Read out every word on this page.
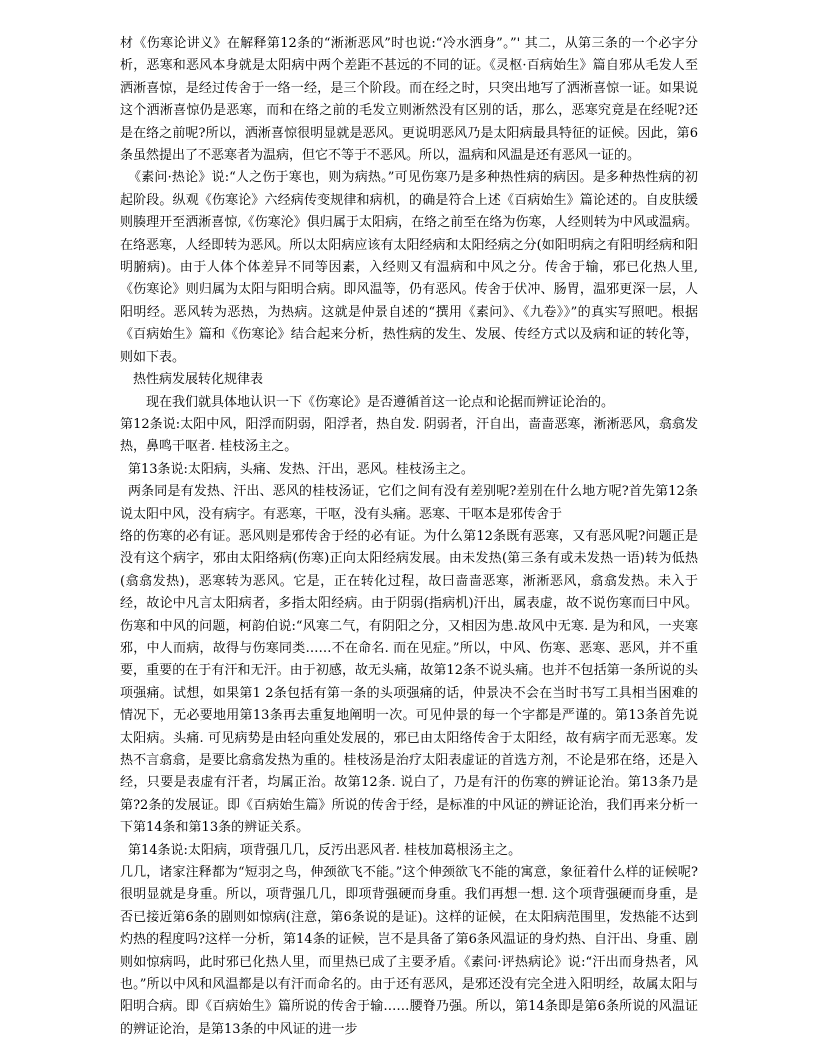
材《伤寒论讲义》在解释第12条的“淅淅恶风”时也说:“冷水洒身”。”' 其二，从第三条的一个必字分析，恶寒和恶风本身就是太阳病中两个差距不甚远的不同的证。《灵枢·百病始生》篇自邪从毛发人至洒淅喜惊，是经过传舍于一络一经，是三个阶段。而在经之时，只突出地写了洒淅喜惊一证。如果说这个洒淅喜惊仍是恶寒，而和在络之前的毛发立则淅然没有区别的话，那么，恶寒究竟是在经呢?还是在络之前呢?所以，洒淅喜惊很明显就是恶风。更说明恶风乃是太阳病最具特征的证候。因此，第6条虽然提出了不恶寒者为温病，但它不等于不恶风。所以，温病和风温是还有恶风一证的。

《素问·热论》说:“人之伤于寒也，则为病热。”可见伤寒乃是多种热性病的病因。是多种热性病的初起阶段。纵观《伤寒论》六经病传变规律和病机，的确是符合上述《百病始生》篇论述的。自皮肤缓则腠理开至洒淅喜惊,《伤寒沦》俱归属于太阳病，在络之前至在络为伤寒，人经则转为中风或温病。在络恶寒，人经即转为恶风。所以太阳病应该有太阳经病和太阳经病之分(如阳明病之有阳明经病和阳明腑病)。由于人体个体差异不同等因素，入经则又有温病和中风之分。传舍于输，邪已化热人里,《伤寒论》则归属为太阳与阳明合病。即风温等，仍有恶风。传舍于伏冲、肠胃，温邪更深一层，人阳明经。恶风转为恶热，为热病。这就是仲景自述的“撰用《素问》、《九卷》》”的真实写照吧。根据《百病始生》篇和《伤寒论》结合起来分析，热性病的发生、发展、传经方式以及病和证的转化等，则如下表。

热性病发展转化规律表

现在我们就具体地认识一下《伤寒论》是否遵循首这一论点和论据而辨证论治的。

第12条说:太阳中风，阳浮而阴弱，阳浮者，热自发. 阴弱者，汗自出，啬啬恶寒，淅淅恶风，翕翕发热，鼻鸣干呕者. 桂枝汤主之。

第13条说:太阳病，头痛、发热、汗出，恶风。桂枝汤主之。

两条同是有发热、汗出、恶风的桂枝汤证，它们之间有没有差别呢?差别在什么地方呢?首先第12条说太阳中风，没有病字。有恶寒，干呕，没有头痛。恶寒、干呕本是邪传舍于

络的伤寒的必有证。恶风则是邪传舍于经的必有证。为什么第12条既有恶寒，又有恶风呢?问题正是没有这个病字，邪由太阳络病(伤寒)正向太阳经病发展。由未发热(第三条有或未发热一语)转为低热(翕翕发热)，恶寒转为恶风。它是，正在转化过程，故曰啬啬恶寒，淅淅恶风，翕翕发热。未入于经，故论中凡言太阳病者，多指太阳经病。由于阴弱(指病机)汗出，属表虚，故不说伤寒而曰中风。伤寒和中风的问题，柯韵伯说:“风寒二气，有阴阳之分，又相因为患.故风中无寒. 是为和风，一夹寒邪，中人而病，故得与伤寒同类……不在命名. 而在见症。”所以，中风、伤寒、恶寒、恶风，并不重要，重要的在于有汗和无汗。由于初感，故无头痛，故第12条不说头痛。也并不包括第一条所说的头项强痛。试想，如果第1 2条包括有第一条的头项强痛的话，仲景决不会在当时书写工具相当困难的情况下，无必要地用第13条再去重复地阐明一次。可见仲景的每一个字都是严谨的。第13条首先说太阳病。头痛. 可见病势是由轻向重处发展的，邪已由太阳络传舍于太阳经，故有病字而无恶寒。发热不言翕翕，是要比翕翕发热为重的。桂枝汤是治疗太阳表虚证的首选方剂，不论是邪在络，还是入经，只要是表虚有汗者，均属正治。故第12条. 说白了，乃是有汗的伤寒的辨证论治。第13条乃是第?2条的发展证。即《百病始生篇》所说的传舍于经，是标准的中风证的辨证论治，我们再来分析一下第14条和第13条的辨证关系。

第14条说:太阳病，项背强几几，反汚出恶风者. 桂枝加葛根汤主之。

几几，诸家注释都为“短羽之鸟，伸颈欲飞不能。”这个伸颈欲飞不能的寓意，象征着什么样的证候呢?很明显就是身重。所以，项背强几几，即项背强硬而身重。我们再想一想. 这个项背强硬而身重，是否已接近第6条的剧则如惊病(注意，第6条说的是证)。这样的证候，在太阳病范围里，发热能不达到灼热的程度吗?这样一分析，第14条的证候，岂不是具备了第6条风温证的身灼热、自汗出、身重、剧则如惊病吗，此时邪已化热人里，而里热已成了主要矛盾。《素问·评热病论》说:“汗出而身热者，风也。”所以中风和风温都是以有汗而命名的。由于还有恶风，是邪还没有完全进入阳明经，故属太阳与阳明合病。即《百病始生》篇所说的传舍于输……腰脊乃强。所以，第14条即是第6条所说的风温证的辨证论治，是第13条的中风证的进一步
